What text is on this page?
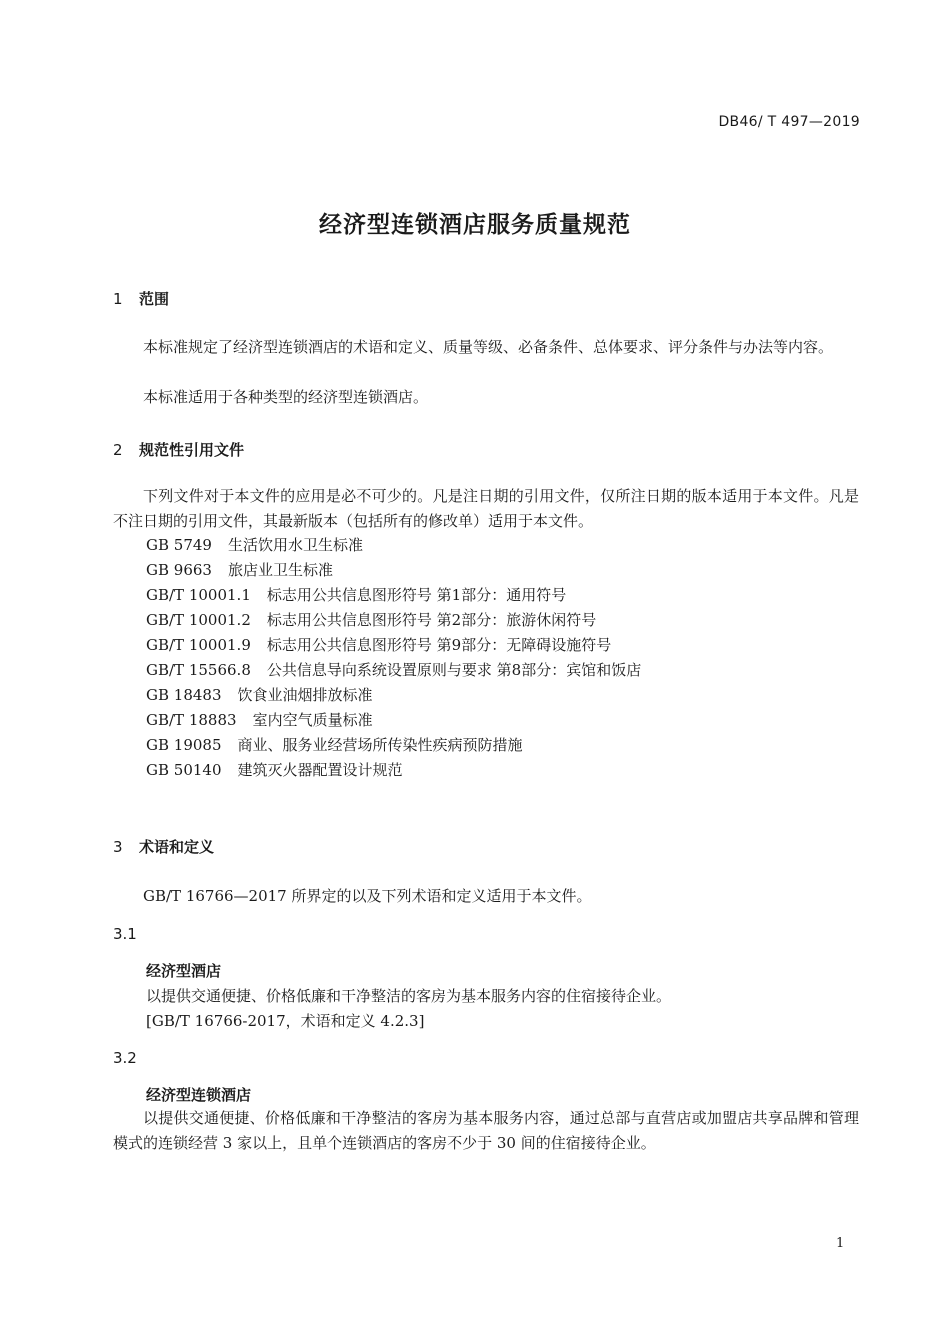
DB46/ T 497—2019
经济型连锁酒店服务质量规范
1 范围
本标准规定了经济型连锁酒店的术语和定义、质量等级、必备条件、总体要求、评分条件与办法等内容。
本标准适用于各种类型的经济型连锁酒店。
2 规范性引用文件
下列文件对于本文件的应用是必不可少的。凡是注日期的引用文件，仅所注日期的版本适用于本文件。凡是不注日期的引用文件，其最新版本（包括所有的修改单）适用于本文件。
GB 5749 生活饮用水卫生标准
GB 9663 旅店业卫生标准
GB/T 10001.1 标志用公共信息图形符号 第1部分：通用符号
GB/T 10001.2 标志用公共信息图形符号 第2部分：旅游休闲符号
GB/T 10001.9 标志用公共信息图形符号 第9部分：无障碍设施符号
GB/T 15566.8 公共信息导向系统设置原则与要求 第8部分：宾馆和饭店
GB 18483 饮食业油烟排放标准
GB/T 18883 室内空气质量标准
GB 19085 商业、服务业经营场所传染性疾病预防措施
GB 50140 建筑灭火器配置设计规范
3 术语和定义
GB/T 16766—2017 所界定的以及下列术语和定义适用于本文件。
3.1
经济型酒店
以提供交通便捷、价格低廉和干净整洁的客房为基本服务内容的住宿接待企业。
[GB/T 16766-2017，术语和定义 4.2.3]
3.2
经济型连锁酒店
以提供交通便捷、价格低廉和干净整洁的客房为基本服务内容，通过总部与直营店或加盟店共享品牌和管理模式的连锁经营 3 家以上，且单个连锁酒店的客房不少于 30 间的住宿接待企业。
1
